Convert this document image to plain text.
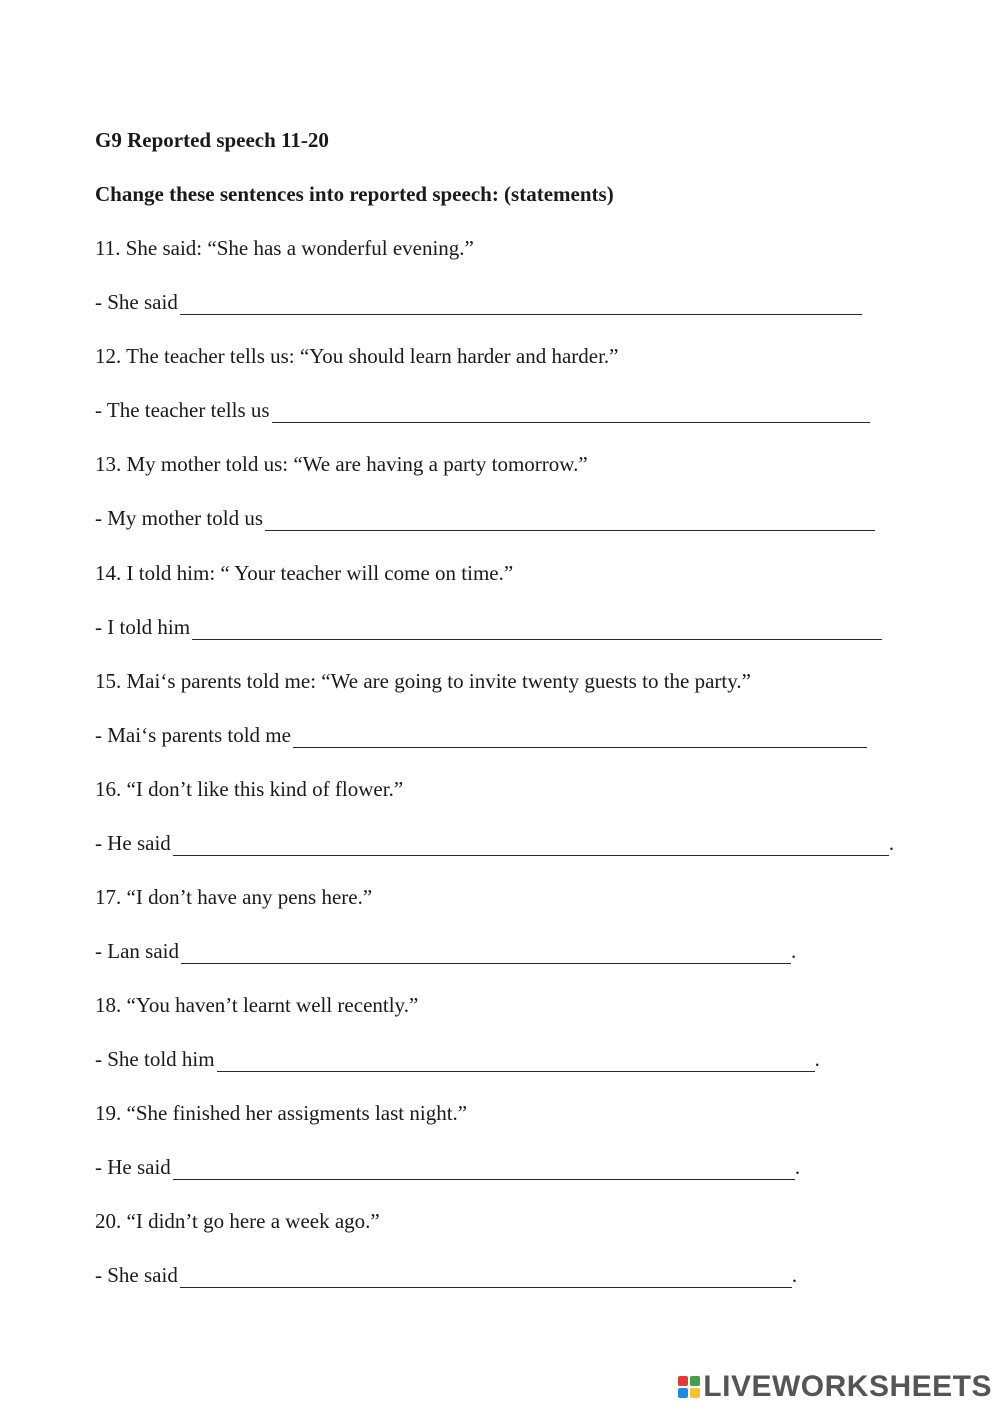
G9 Reported speech 11-20
Change these sentences into reported speech: (statements)
11. She said: “She has a wonderful evening.”
- She said
12. The teacher tells us: “You should learn harder and harder.”
- The teacher tells us
13. My mother told us: “We are having a party tomorrow.”
- My mother told us
14. I told him: “ Your teacher will come on time.”
- I told him
15. Mai‘s parents told me: “We are going to invite twenty guests to the party.”
- Mai‘s parents told me
16. “I don’t like this kind of flower.”
- He said	.
17. “I don’t have any pens here.”
- Lan said	.
18. “You haven’t learnt well recently.”
- She told him	.
19. “She finished her assigments last night.”
- He said	.
20. “I didn’t go here a week ago.”
- She said	.
LIVEWORKSHEETS
